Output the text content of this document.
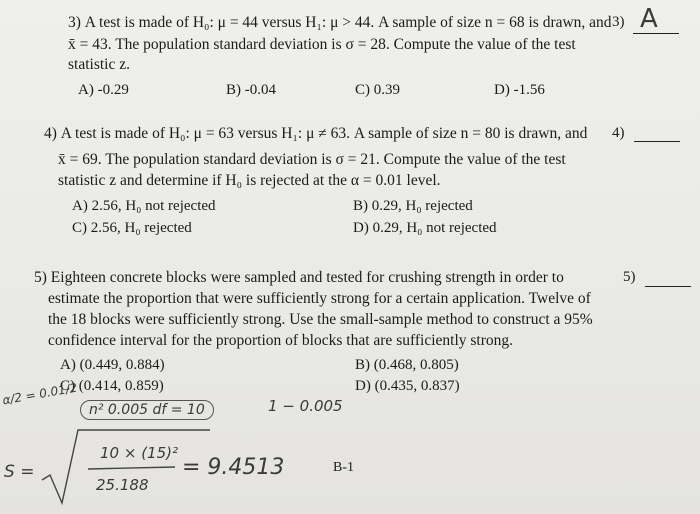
3) A test is made of H₀: μ = 44 versus H₁: μ > 44. A sample of size n = 68 is drawn, and
x̄ = 43. The population standard deviation is σ = 28. Compute the value of the test
statistic z.
A) -0.29	B) -0.04	C) 0.39	D) -1.56
3) A
4) A test is made of H₀: μ = 63 versus H₁: μ ≠ 63. A sample of size n = 80 is drawn, and
x̄ = 69. The population standard deviation is σ = 21. Compute the value of the test
statistic z and determine if H₀ is rejected at the α = 0.01 level.
A) 2.56, H₀ not rejected	B) 0.29, H₀ rejected
C) 2.56, H₀ rejected	D) 0.29, H₀ not rejected
4)
5) Eighteen concrete blocks were sampled and tested for crushing strength in order to
estimate the proportion that were sufficiently strong for a certain application. Twelve of
the 18 blocks were sufficiently strong. Use the small-sample method to construct a 95%
confidence interval for the proportion of blocks that are sufficiently strong.
A) (0.449, 0.884)	B) (0.468, 0.805)
C) (0.414, 0.859)	D) (0.435, 0.837)
5)
α/2 = 0.01/2
n² 0.005 df = 10	1 − 0.005
S =
10 × (15)²
25.188
= 9.4513	B-1
